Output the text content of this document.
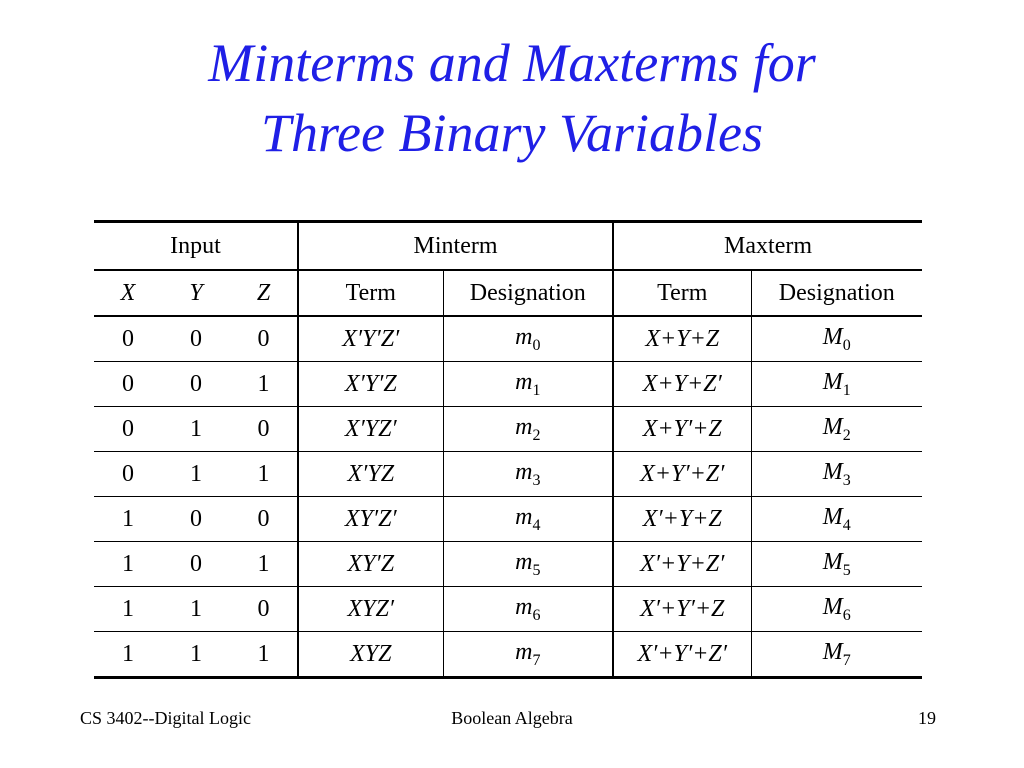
Minterms and Maxterms for
Three Binary Variables
Input			Minterm		Maxterm	
X	Y	Z	Term	Designation	Term	Designation
0	0	0	X′Y′Z′	$m_0$	X+Y+Z	$M_0$
0	0	1	X′Y′Z	$m_1$	X+Y+Z′	$M_1$
0	1	0	X′YZ′	$m_2$	X+Y′+Z	$M_2$
0	1	1	X′YZ	$m_3$	X+Y′+Z′	$M_3$
1	0	0	XY′Z′	$m_4$	X′+Y+Z	$M_4$
1	0	1	XY′Z	$m_5$	X′+Y+Z′	$M_5$
1	1	0	XYZ′	$m_6$	X′+Y′+Z	$M_6$
1	1	1	XYZ	$m_7$	X′+Y′+Z′	$M_7$
CS 3402--Digital Logic	Boolean Algebra	19
